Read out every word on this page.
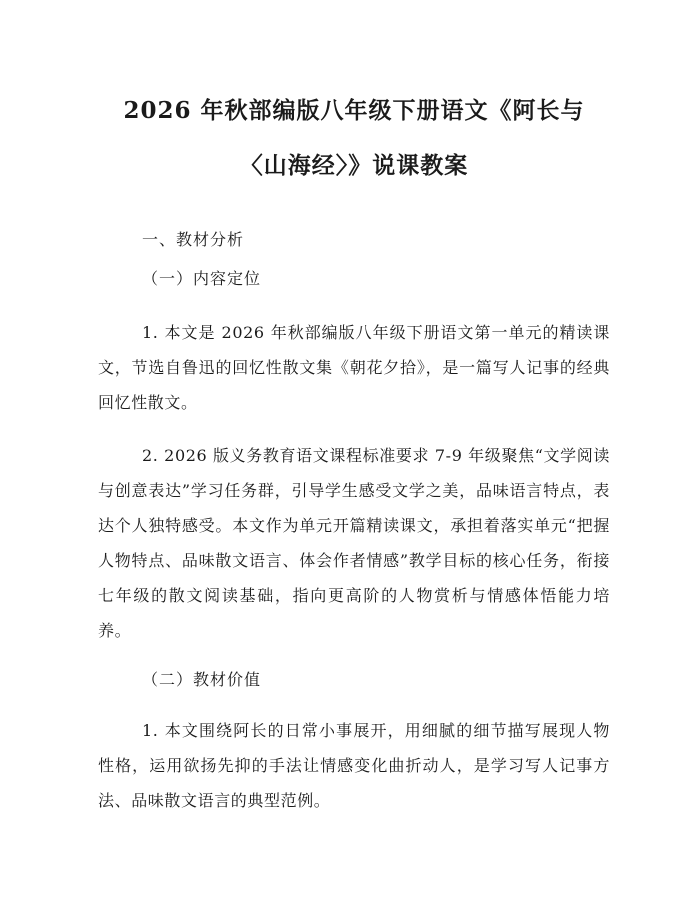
2026 年秋部编版八年级下册语文《阿长与
〈山海经〉》说课教案

一、教材分析

（一）内容定位

1. 本文是 2026 年秋部编版八年级下册语文第一单元的精读课文，节选自鲁迅的回忆性散文集《朝花夕拾》，是一篇写人记事的经典回忆性散文。

2. 2026 版义务教育语文课程标准要求 7-9 年级聚焦“文学阅读与创意表达”学习任务群，引导学生感受文学之美，品味语言特点，表达个人独特感受。本文作为单元开篇精读课文，承担着落实单元“把握人物特点、品味散文语言、体会作者情感”教学目标的核心任务，衔接七年级的散文阅读基础，指向更高阶的人物赏析与情感体悟能力培养。

（二）教材价值

1. 本文围绕阿长的日常小事展开，用细腻的细节描写展现人物性格，运用欲扬先抑的手法让情感变化曲折动人，是学习写人记事方法、品味散文语言的典型范例。
